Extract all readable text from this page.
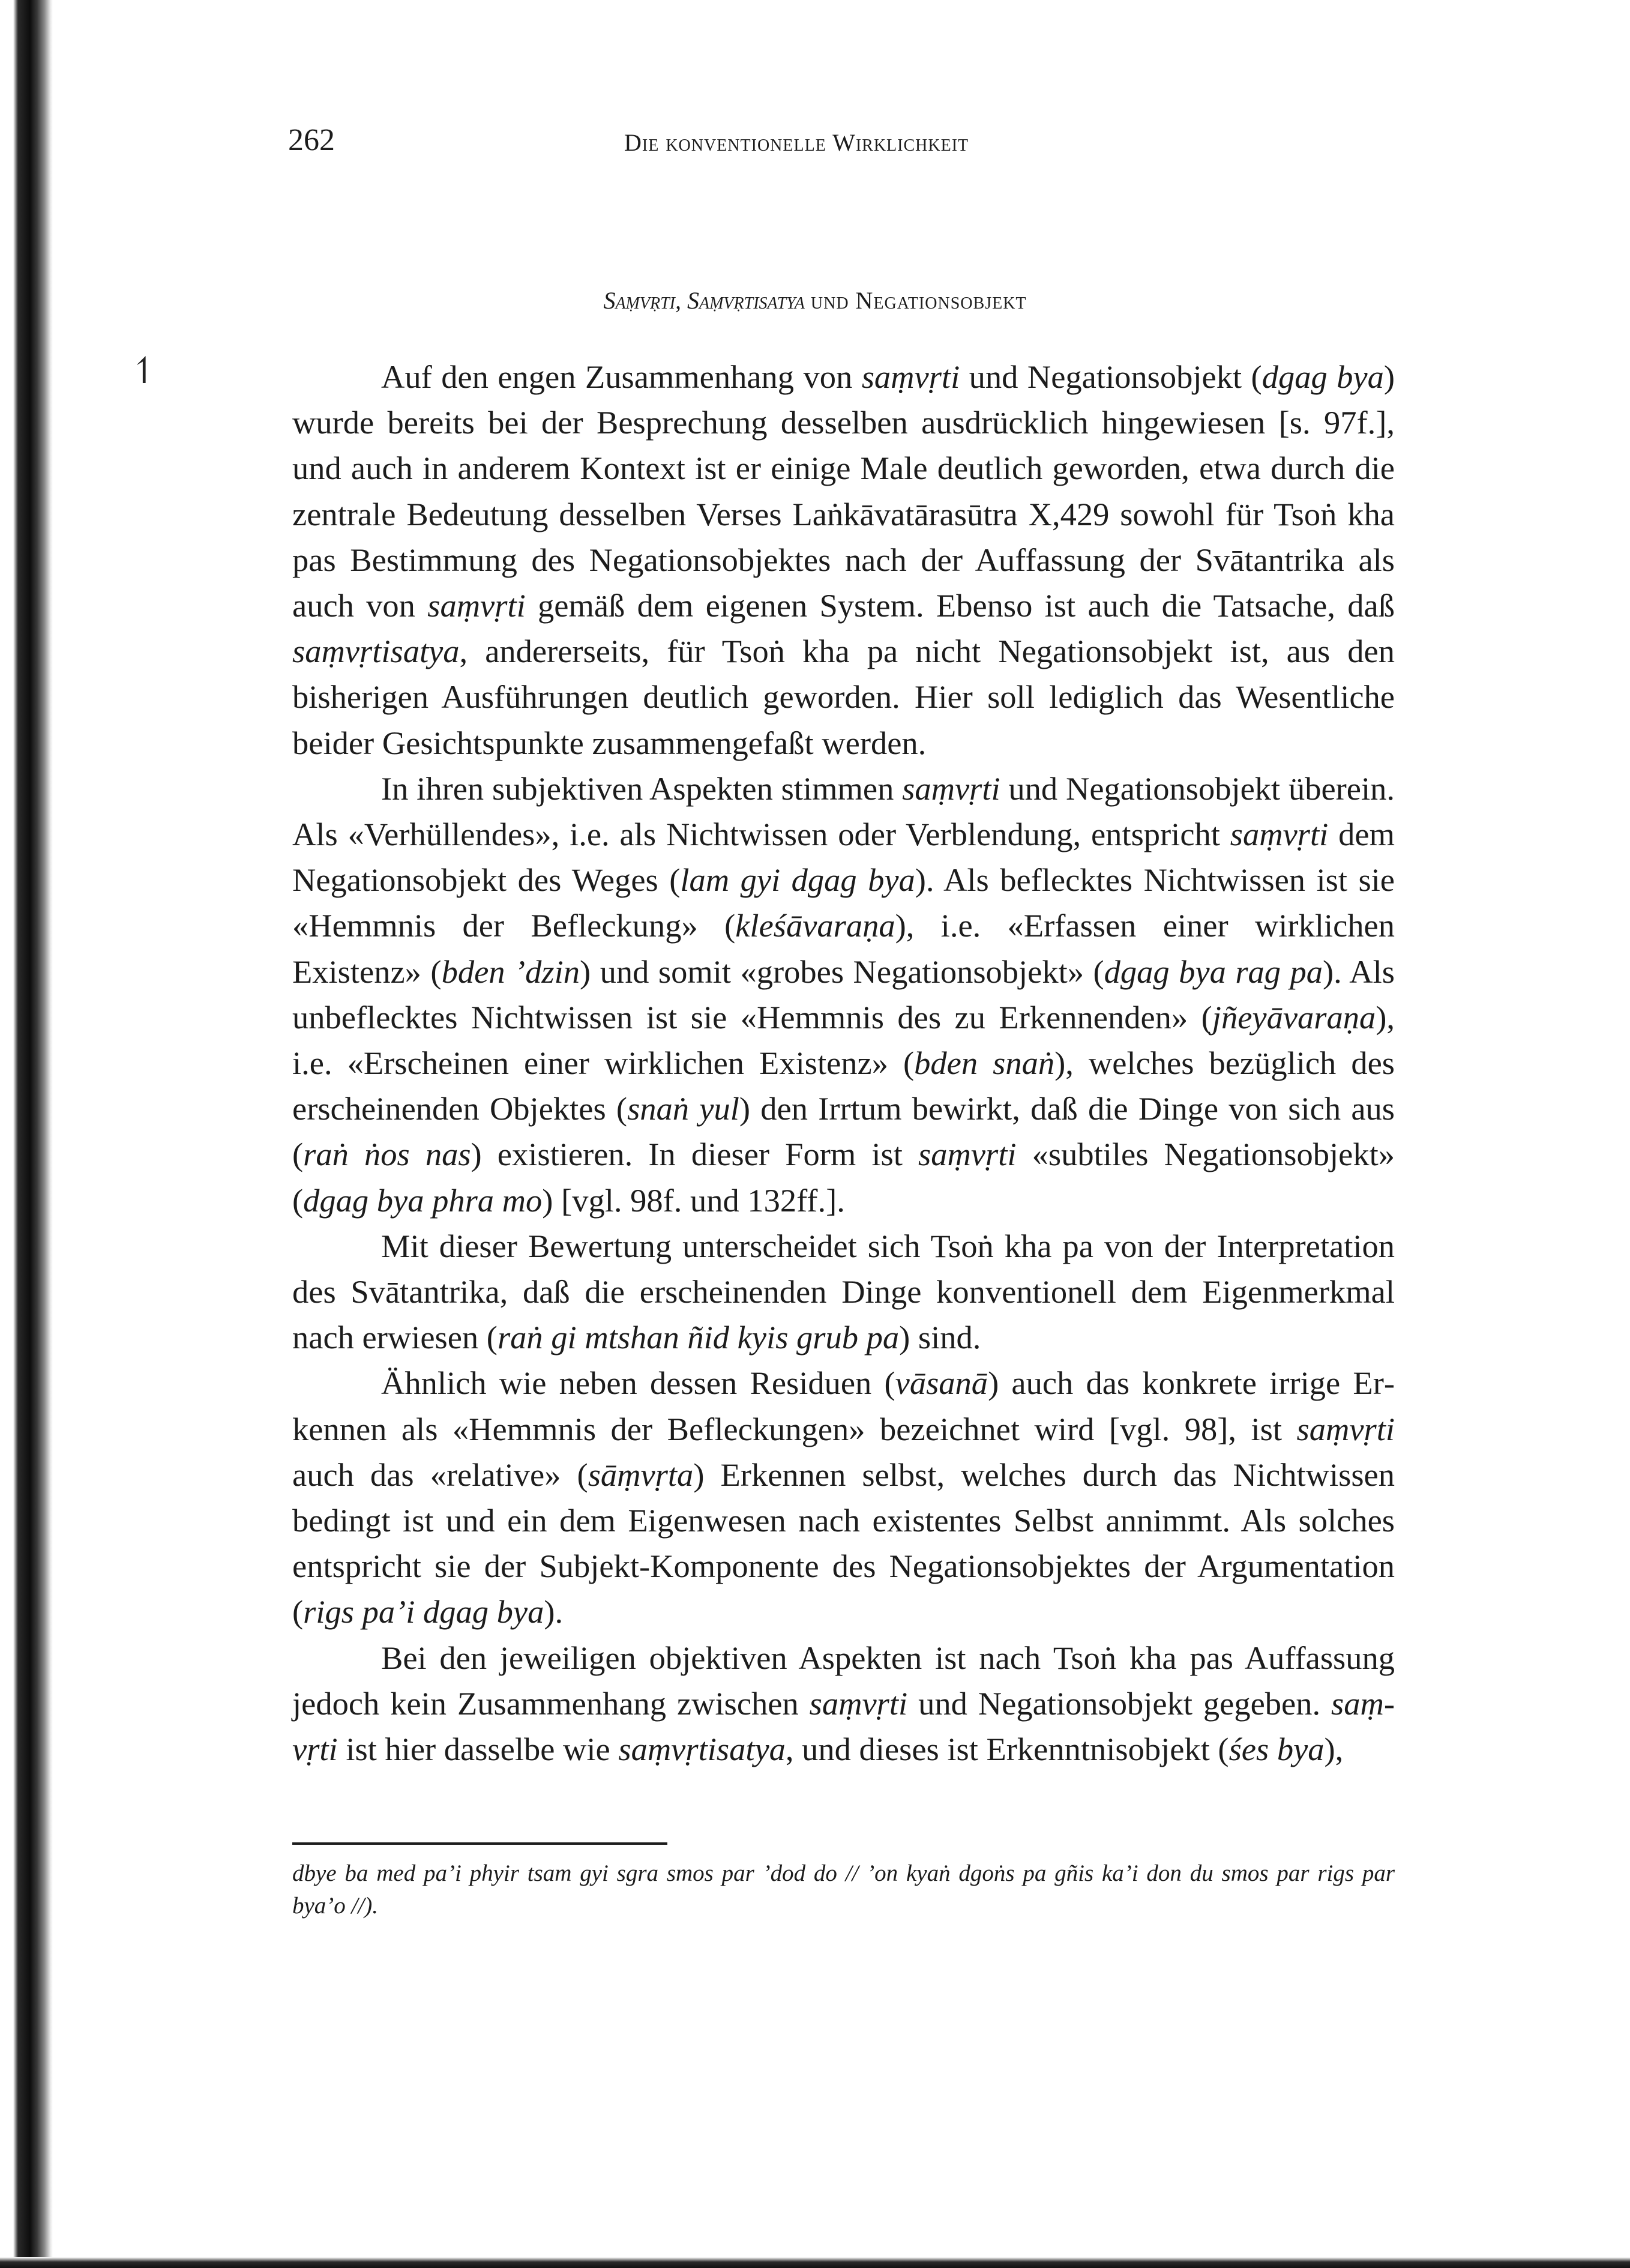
262	Die konventionelle Wirklichkeit
Saṃvṛti, Saṃvṛtisatya und Negationsobjekt
↿	Auf den engen Zusammenhang von saṃvṛti und Negationsobjekt (dgag bya) wurde bereits bei der Besprechung desselben ausdrücklich hingewiesen [s. 97f.], und auch in anderem Kontext ist er einige Male deutlich geworden, etwa durch die zentrale Bedeutung desselben Verses Laṅkāvatārasūtra X,429 sowohl für Tsoṅ kha pas Bestimmung des Negationsobjektes nach der Auffassung der Svātantrika als auch von saṃvṛti gemäß dem eigenen System. Ebenso ist auch die Tatsache, daß saṃvṛtisatya, andererseits, für Tsoṅ kha pa nicht Negationsobjekt ist, aus den bisherigen Ausführungen deutlich geworden. Hier soll lediglich das Wesentliche beider Gesichtspunkte zusammengefaßt werden.

In ihren subjektiven Aspekten stimmen saṃvṛti und Negationsobjekt überein. Als «Verhüllendes», i.e. als Nichtwissen oder Verblendung, entspricht saṃvṛti dem Negationsobjekt des Weges (lam gyi dgag bya). Als beflecktes Nichtwissen ist sie «Hemmnis der Befleckung» (kleśāvaraṇa), i.e. «Erfassen einer wirklichen Existenz» (bden ’dzin) und somit «grobes Negationsobjekt» (dgag bya rag pa). Als unbeflecktes Nichtwissen ist sie «Hemmnis des zu Erkennenden» (jñeyāvaraṇa), i.e. «Erscheinen einer wirklichen Existenz» (bden snaṅ), welches bezüglich des erscheinenden Objektes (snaṅ yul) den Irrtum bewirkt, daß die Dinge von sich aus (raṅ ṅos nas) existieren. In dieser Form ist saṃvṛti «subtiles Negationsobjekt» (dgag bya phra mo) [vgl. 98f. und 132ff.].

Mit dieser Bewertung unterscheidet sich Tsoṅ kha pa von der Interpretation des Svātantrika, daß die erscheinenden Dinge konventionell dem Eigenmerkmal nach erwiesen (raṅ gi mtshan ñid kyis grub pa) sind.

Ähnlich wie neben dessen Residuen (vāsanā) auch das konkrete irrige Erkennen als «Hemmnis der Befleckungen» bezeichnet wird [vgl. 98], ist saṃvṛti auch das «relative» (sāṃvṛta) Erkennen selbst, welches durch das Nichtwissen bedingt ist und ein dem Eigenwesen nach existentes Selbst annimmt. Als solches entspricht sie der Subjekt-Komponente des Negationsobjektes der Argumentation (rigs pa’i dgag bya).

Bei den jeweiligen objektiven Aspekten ist nach Tsoṅ kha pas Auffassung jedoch kein Zusammenhang zwischen saṃvṛti und Negationsobjekt gegeben. saṃvṛti ist hier dasselbe wie saṃvṛtisatya, und dieses ist Erkenntnisobjekt (śes bya),

dbye ba med pa’i phyir tsam gyi sgra smos par ’dod do // ’on kyaṅ dgoṅs pa gñis ka’i don du smos par rigs par bya’o //).
